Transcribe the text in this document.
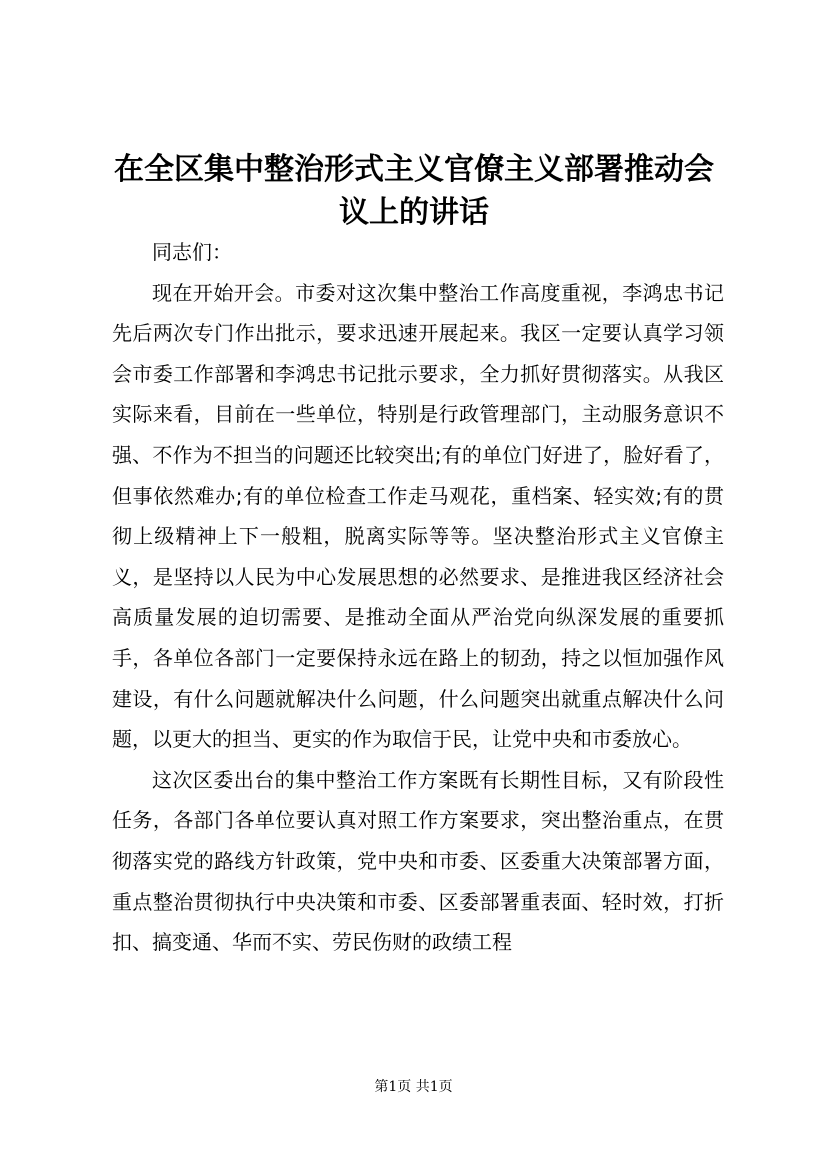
在全区集中整治形式主义官僚主义部署推动会议上的讲话

同志们：

现在开始开会。市委对这次集中整治工作高度重视，李鸿忠书记先后两次专门作出批示，要求迅速开展起来。我区一定要认真学习领会市委工作部署和李鸿忠书记批示要求，全力抓好贯彻落实。从我区实际来看，目前在一些单位，特别是行政管理部门，主动服务意识不强、不作为不担当的问题还比较突出;有的单位门好进了，脸好看了，但事依然难办;有的单位检查工作走马观花，重档案、轻实效;有的贯彻上级精神上下一般粗，脱离实际等等。坚决整治形式主义官僚主义，是坚持以人民为中心发展思想的必然要求、是推进我区经济社会高质量发展的迫切需要、是推动全面从严治党向纵深发展的重要抓手，各单位各部门一定要保持永远在路上的韧劲，持之以恒加强作风建设，有什么问题就解决什么问题，什么问题突出就重点解决什么问题，以更大的担当、更实的作为取信于民，让党中央和市委放心。

这次区委出台的集中整治工作方案既有长期性目标，又有阶段性任务，各部门各单位要认真对照工作方案要求，突出整治重点，在贯彻落实党的路线方针政策，党中央和市委、区委重大决策部署方面，重点整治贯彻执行中央决策和市委、区委部署重表面、轻时效，打折扣、搞变通、华而不实、劳民伤财的政绩工程

第1页 共1页
